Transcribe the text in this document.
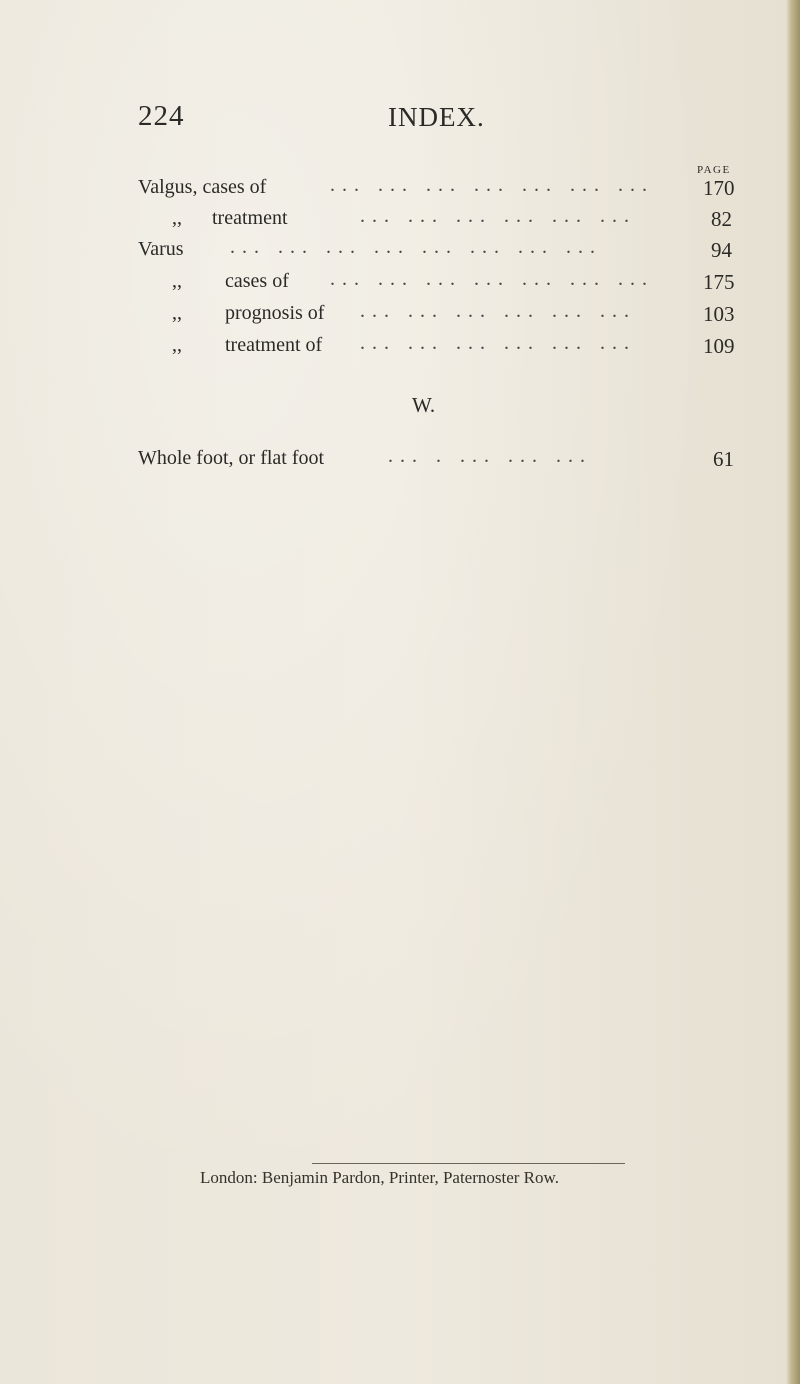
224	INDEX.
PAGE
Valgus, cases of	... ... ... ... ... ... ...	170
,, treatment	... ... ... ... ... ...	82
Varus ... ... ... ... ... ... ... ...	94
,, cases of ... ... ... ... ... ... ...	175
,, prognosis of ... ... ... ... ... ...	103
,, treatment of ... ... ... ... ... ...	109
W.
Whole foot, or flat foot	... . ... ... ...	61
London: Benjamin Pardon, Printer, Paternoster Row.
